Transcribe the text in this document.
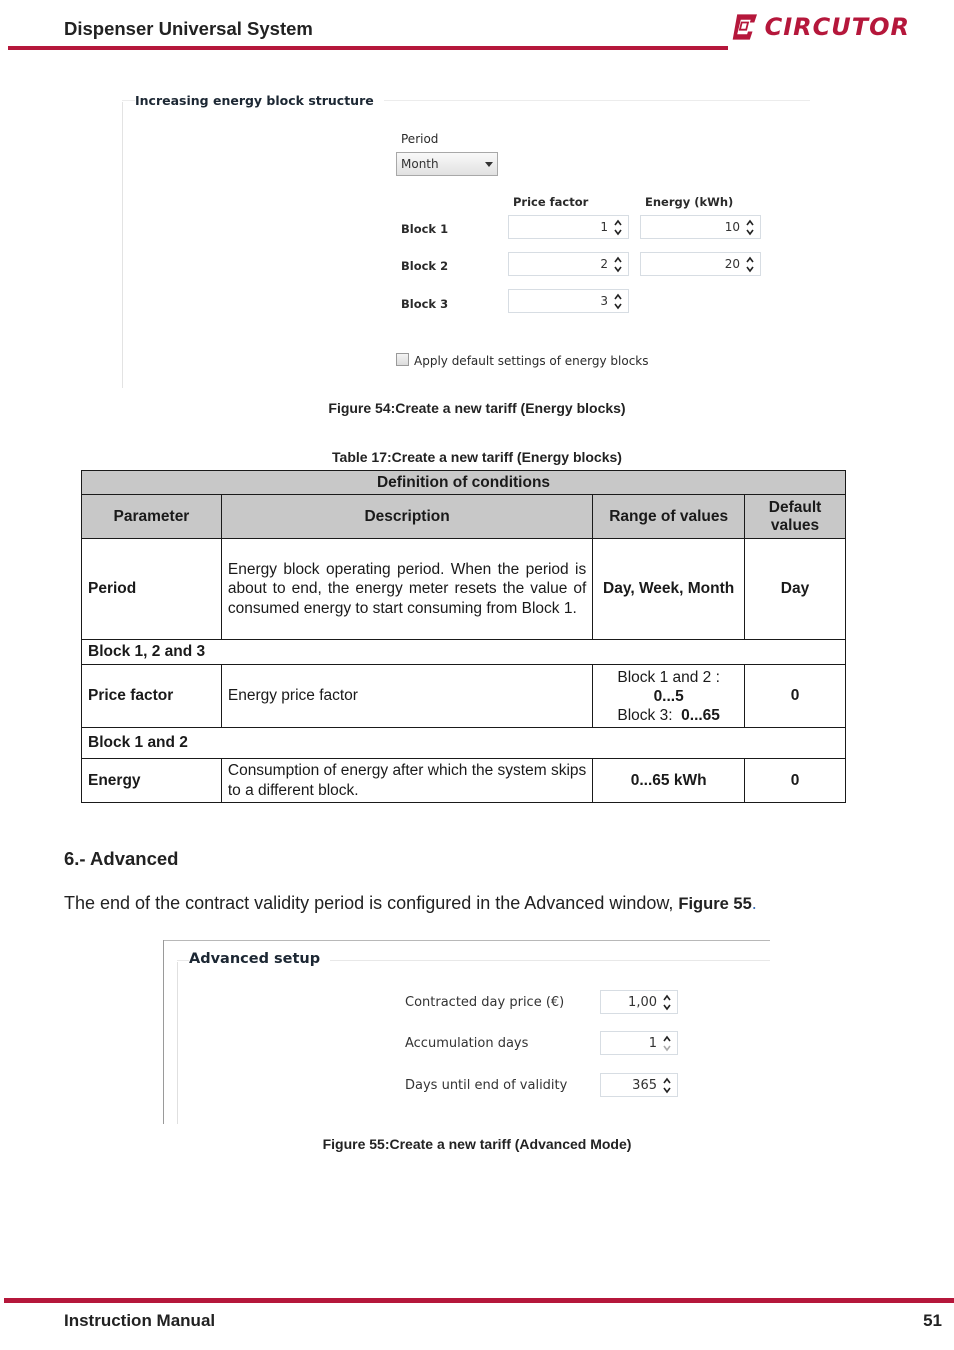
Dispenser Universal System	CIRCUTOR
Increasing energy block structure
Period
Month
Price factor	Energy (kWh)
Block 1	1	10
Block 2	2	20
Block 3	3
Apply default settings of energy blocks
Figure 54:Create a new tariff (Energy blocks)
Table 17:Create a new tariff (Energy blocks)
Definition of conditions			
Parameter	Description	Range of values	Default values
Period	Energy block operating period. When the period is about to end, the energy meter resets the value of consumed energy to start consuming from Block 1.	Day, Week, Month	Day
Block 1, 2 and 3			
Price factor	Energy price factor	Block 1 and 2 :
0...5
Block 3: 0...65	0
Block 1 and 2			
Energy	Consumption of energy after which the system skips to a different block.	0...65 kWh	0
6.- Advanced
The end of the contract validity period is configured in the Advanced window, Figure 55.
Advanced setup
Contracted day price (€)	1,00
Accumulation days	1
Days until end of validity	365
Figure 55:Create a new tariff (Advanced Mode)
Instruction Manual	51
